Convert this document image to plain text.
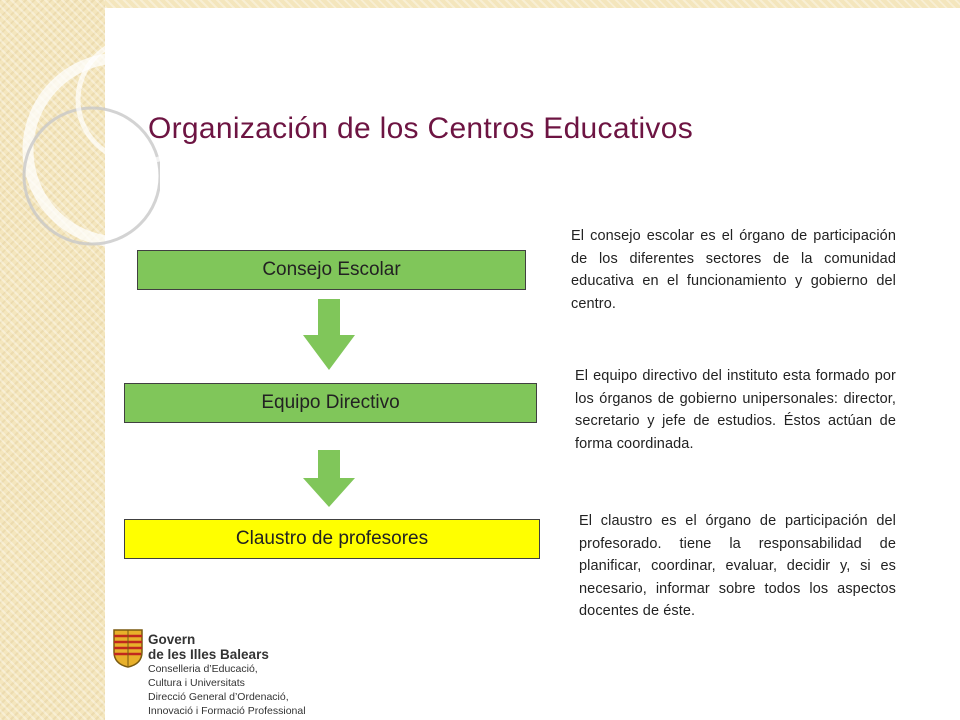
Organización de los Centros Educativos
Consejo Escolar
Equipo Directivo
Claustro de profesores

El consejo escolar es el órgano de participación de los diferentes sectores de la comunidad educativa en el funcionamiento y gobierno del centro.

El equipo directivo del instituto esta formado por los órganos de gobierno unipersonales: director, secretario y jefe de estudios. Éstos actúan de forma coordinada.

El claustro es el órgano de participación del profesorado. tiene la responsabilidad de planificar, coordinar, evaluar, decidir y, si es necesario, informar sobre todos los aspectos docentes de éste.

Govern

de les Illes Balears

Conselleria d’Educació,

Cultura i Universitats

Direcció General d’Ordenació,

Innovació i Formació Professional
